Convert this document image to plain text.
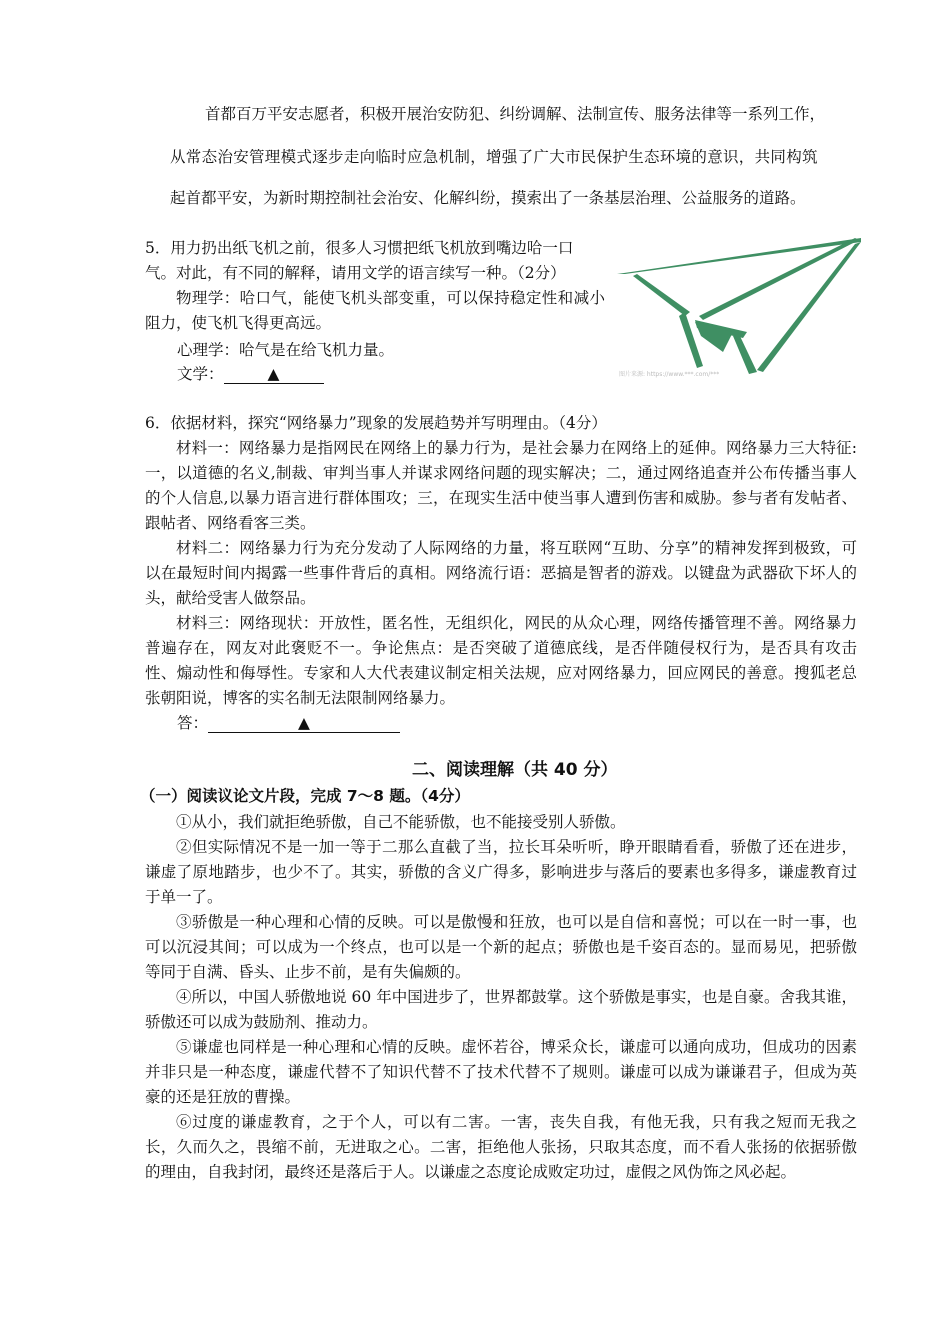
首都百万平安志愿者，积极开展治安防犯、纠纷调解、法制宣传、服务法律等一系列工作，
从常态治安管理模式逐步走向临时应急机制，增强了广大市民保护生态环境的意识，共同构筑
起首都平安，为新时期控制社会治安、化解纠纷，摸索出了一条基层治理、公益服务的道路。
5．用力扔出纸飞机之前，很多人习惯把纸飞机放到嘴边哈一口
气。对此，有不同的解释，请用文学的语言续写一种。（2分）
物理学：哈口气，能使飞机头部变重，可以保持稳定性和减小阻力，使飞机飞得更高远。
心理学：哈气是在给飞机力量。
文学：	▲	图片来源: https://www.***.com/***
6．依据材料，探究“网络暴力”现象的发展趋势并写明理由。（4分）

材料一：网络暴力是指网民在网络上的暴力行为，是社会暴力在网络上的延伸。网络暴力三大特征:一，以道德的名义,制裁、审判当事人并谋求网络问题的现实解决；二，通过网络追查并公布传播当事人的个人信息,以暴力语言进行群体围攻；三，在现实生活中使当事人遭到伤害和威胁。参与者有发帖者、跟帖者、网络看客三类。

材料二：网络暴力行为充分发动了人际网络的力量，将互联网“互助、分享”的精神发挥到极致，可以在最短时间内揭露一些事件背后的真相。网络流行语：恶搞是智者的游戏。以键盘为武器砍下坏人的头，献给受害人做祭品。

材料三：网络现状：开放性，匿名性，无组织化，网民的从众心理，网络传播管理不善。网络暴力普遍存在，网友对此褒贬不一。争论焦点：是否突破了道德底线，是否伴随侵权行为，是否具有攻击性、煽动性和侮辱性。专家和人大代表建议制定相关法规，应对网络暴力，回应网民的善意。搜狐老总张朝阳说，博客的实名制无法限制网络暴力。

答：	▲
二、阅读理解（共 40 分）
（一）阅读议论文片段，完成 7～8 题。（4分）

①从小，我们就拒绝骄傲，自己不能骄傲，也不能接受别人骄傲。

②但实际情况不是一加一等于二那么直截了当，拉长耳朵听听，睁开眼睛看看，骄傲了还在进步，谦虚了原地踏步，也少不了。其实，骄傲的含义广得多，影响进步与落后的要素也多得多，谦虚教育过于单一了。

③骄傲是一种心理和心情的反映。可以是傲慢和狂放，也可以是自信和喜悦；可以在一时一事，也可以沉浸其间；可以成为一个终点，也可以是一个新的起点；骄傲也是千姿百态的。显而易见，把骄傲等同于自满、昏头、止步不前，是有失偏颇的。

④所以，中国人骄傲地说 60 年中国进步了，世界都鼓掌。这个骄傲是事实，也是自豪。舍我其谁，骄傲还可以成为鼓励剂、推动力。

⑤谦虚也同样是一种心理和心情的反映。虚怀若谷，博采众长，谦虚可以通向成功，但成功的因素并非只是一种态度，谦虚代替不了知识代替不了技术代替不了规则。谦虚可以成为谦谦君子，但成为英豪的还是狂放的曹操。

⑥过度的谦虚教育，之于个人，可以有二害。一害，丧失自我，有他无我，只有我之短而无我之长，久而久之，畏缩不前，无进取之心。二害，拒绝他人张扬，只取其态度，而不看人张扬的依据骄傲的理由，自我封闭，最终还是落后于人。以谦虚之态度论成败定功过，虚假之风伪饰之风必起。
